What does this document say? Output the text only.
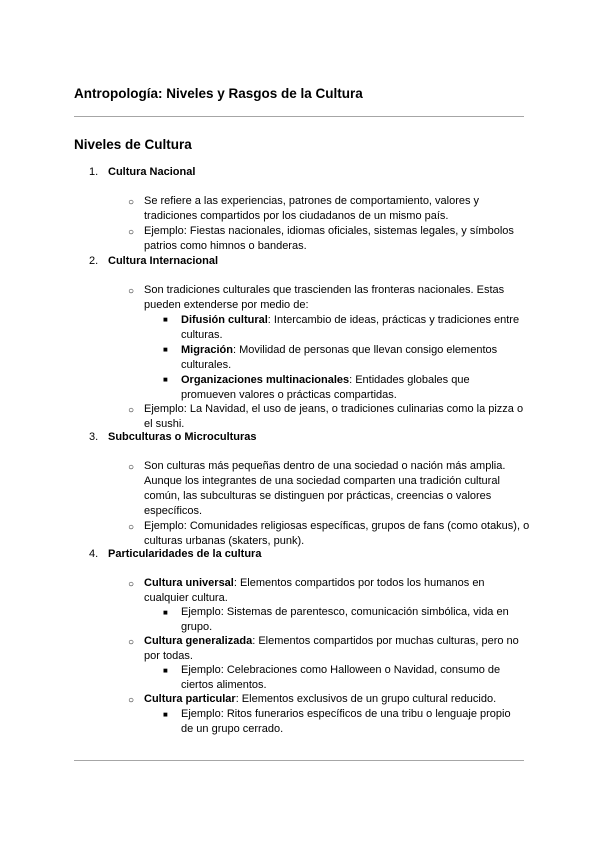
Antropología: Niveles y Rasgos de la Cultura
Niveles de Cultura
1. Cultura Nacional
○ Se refiere a las experiencias, patrones de comportamiento, valores y tradiciones compartidos por los ciudadanos de un mismo país.
○ Ejemplo: Fiestas nacionales, idiomas oficiales, sistemas legales, y símbolos patrios como himnos o banderas.
2. Cultura Internacional
○ Son tradiciones culturales que trascienden las fronteras nacionales. Estas pueden extenderse por medio de:
■ Difusión cultural: Intercambio de ideas, prácticas y tradiciones entre culturas.
■ Migración: Movilidad de personas que llevan consigo elementos culturales.
■ Organizaciones multinacionales: Entidades globales que promueven valores o prácticas compartidas.
○ Ejemplo: La Navidad, el uso de jeans, o tradiciones culinarias como la pizza o el sushi.
3. Subculturas o Microculturas
○ Son culturas más pequeñas dentro de una sociedad o nación más amplia. Aunque los integrantes de una sociedad comparten una tradición cultural común, las subculturas se distinguen por prácticas, creencias o valores específicos.
○ Ejemplo: Comunidades religiosas específicas, grupos de fans (como otakus), o culturas urbanas (skaters, punk).
4. Particularidades de la cultura
○ Cultura universal: Elementos compartidos por todos los humanos en cualquier cultura.
■ Ejemplo: Sistemas de parentesco, comunicación simbólica, vida en grupo.
○ Cultura generalizada: Elementos compartidos por muchas culturas, pero no por todas.
■ Ejemplo: Celebraciones como Halloween o Navidad, consumo de ciertos alimentos.
○ Cultura particular: Elementos exclusivos de un grupo cultural reducido.
■ Ejemplo: Ritos funerarios específicos de una tribu o lenguaje propio de un grupo cerrado.
